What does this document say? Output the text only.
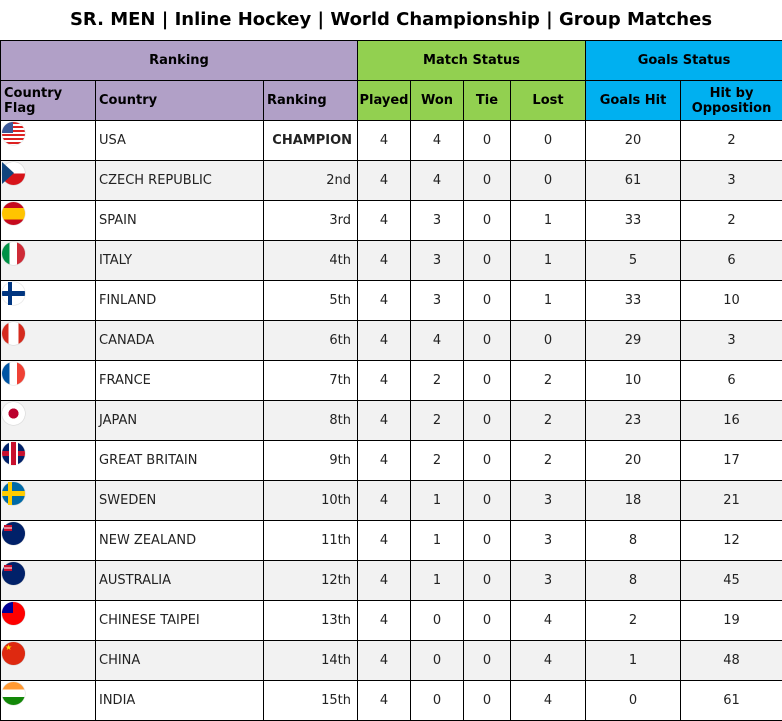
SR. MEN | Inline Hockey | World Championship | Group Matches
Ranking			Match Status				Goals Status	
Country Flag	Country	Ranking	Played	Won	Tie	Lost	Goals Hit	Hit by Opposition

	USA	CHAMPION	4	4	0	0	20	2

	CZECH REPUBLIC	2nd	4	4	0	0	61	3

	SPAIN	3rd	4	3	0	1	33	2

	ITALY	4th	4	3	0	1	5	6

	FINLAND	5th	4	3	0	1	33	10

	CANADA	6th	4	4	0	0	29	3

	FRANCE	7th	4	2	0	2	10	6

	JAPAN	8th	4	2	0	2	23	16

	GREAT BRITAIN	9th	4	2	0	2	20	17

	SWEDEN	10th	4	1	0	3	18	21

	NEW ZEALAND	11th	4	1	0	3	8	12

	AUSTRALIA	12th	4	1	0	3	8	45

	CHINESE TAIPEI	13th	4	0	0	4	2	19

★
	CHINA	14th	4	0	0	4	1	48

	INDIA	15th	4	0	0	4	0	61
